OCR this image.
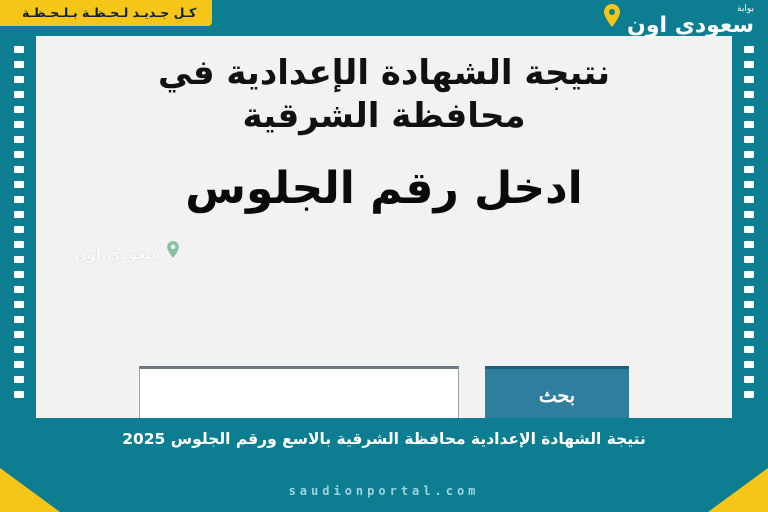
كـل جـديـد لـحـظـة بـلـحـظـة	بوابة
سعودي اون
نتيجة الشهادة الإعدادية في
محافظة الشرقية
ادخل رقم الجلوس
سعودي اون
بحث
نتيجة الشهادة الإعدادية محافظة الشرقية بالاسع ورقم الجلوس 2025
saudionportal.com
